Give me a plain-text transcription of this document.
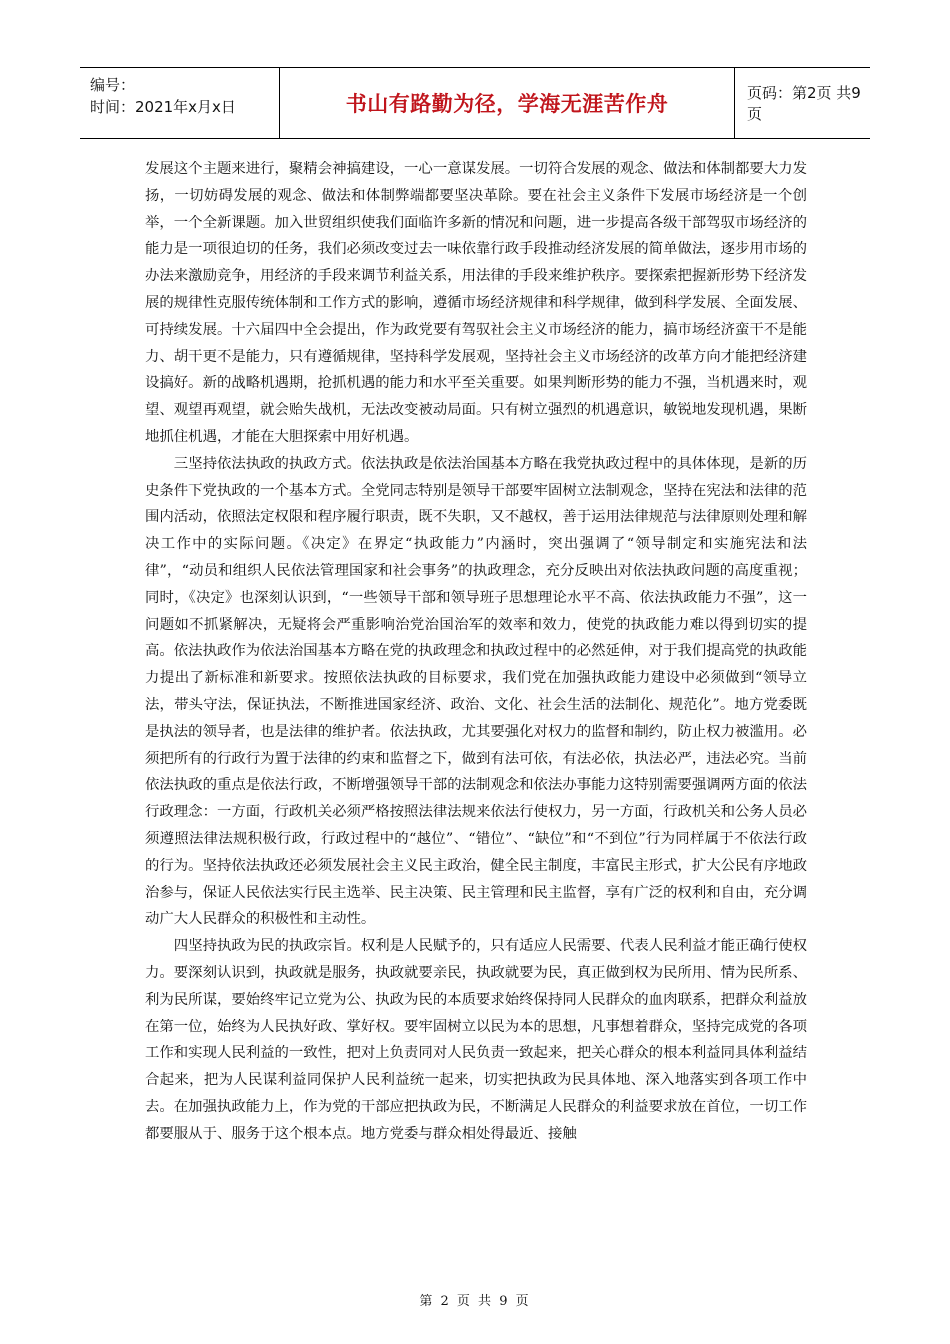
编号：
时间：2021年x月x日	书山有路勤为径，学海无涯苦作舟	页码：第2页 共9页

发展这个主题来进行，聚精会神搞建设，一心一意谋发展。一切符合发展的观念、做法和体制都要大力发扬，一切妨碍发展的观念、做法和体制弊端都要坚决革除。要在社会主义条件下发展市场经济是一个创举，一个全新课题。加入世贸组织使我们面临许多新的情况和问题，进一步提高各级干部驾驭市场经济的能力是一项很迫切的任务，我们必须改变过去一味依靠行政手段推动经济发展的简单做法，逐步用市场的办法来激励竞争，用经济的手段来调节利益关系，用法律的手段来维护秩序。要探索把握新形势下经济发展的规律性克服传统体制和工作方式的影响，遵循市场经济规律和科学规律，做到科学发展、全面发展、可持续发展。十六届四中全会提出，作为政党要有驾驭社会主义市场经济的能力，搞市场经济蛮干不是能力、胡干更不是能力，只有遵循规律，坚持科学发展观，坚持社会主义市场经济的改革方向才能把经济建设搞好。新的战略机遇期，抢抓机遇的能力和水平至关重要。如果判断形势的能力不强，当机遇来时，观望、观望再观望，就会贻失战机，无法改变被动局面。只有树立强烈的机遇意识，敏锐地发现机遇，果断地抓住机遇，才能在大胆探索中用好机遇。

三坚持依法执政的执政方式。依法执政是依法治国基本方略在我党执政过程中的具体体现，是新的历史条件下党执政的一个基本方式。全党同志特别是领导干部要牢固树立法制观念，坚持在宪法和法律的范围内活动，依照法定权限和程序履行职责，既不失职，又不越权，善于运用法律规范与法律原则处理和解决工作中的实际问题。《决定》在界定“执政能力”内涵时，突出强调了“领导制定和实施宪法和法律”，“动员和组织人民依法管理国家和社会事务”的执政理念，充分反映出对依法执政问题的高度重视；同时，《决定》也深刻认识到，“一些领导干部和领导班子思想理论水平不高、依法执政能力不强”，这一问题如不抓紧解决，无疑将会严重影响治党治国治军的效率和效力，使党的执政能力难以得到切实的提高。依法执政作为依法治国基本方略在党的执政理念和执政过程中的必然延伸，对于我们提高党的执政能力提出了新标准和新要求。按照依法执政的目标要求，我们党在加强执政能力建设中必须做到“领导立法，带头守法，保证执法，不断推进国家经济、政治、文化、社会生活的法制化、规范化”。地方党委既是执法的领导者，也是法律的维护者。依法执政，尤其要强化对权力的监督和制约，防止权力被滥用。必须把所有的行政行为置于法律的约束和监督之下，做到有法可依，有法必依，执法必严，违法必究。当前依法执政的重点是依法行政，不断增强领导干部的法制观念和依法办事能力这特别需要强调两方面的依法行政理念：一方面，行政机关必须严格按照法律法规来依法行使权力，另一方面，行政机关和公务人员必须遵照法律法规积极行政，行政过程中的“越位”、“错位”、“缺位”和“不到位”行为同样属于不依法行政的行为。坚持依法执政还必须发展社会主义民主政治，健全民主制度，丰富民主形式，扩大公民有序地政治参与，保证人民依法实行民主选举、民主决策、民主管理和民主监督，享有广泛的权利和自由，充分调动广大人民群众的积极性和主动性。

四坚持执政为民的执政宗旨。权利是人民赋予的，只有适应人民需要、代表人民利益才能正确行使权力。要深刻认识到，执政就是服务，执政就要亲民，执政就要为民，真正做到权为民所用、情为民所系、利为民所谋，要始终牢记立党为公、执政为民的本质要求始终保持同人民群众的血肉联系，把群众利益放在第一位，始终为人民执好政、掌好权。要牢固树立以民为本的思想，凡事想着群众，坚持完成党的各项工作和实现人民利益的一致性，把对上负责同对人民负责一致起来，把关心群众的根本利益同具体利益结合起来，把为人民谋利益同保护人民利益统一起来，切实把执政为民具体地、深入地落实到各项工作中去。在加强执政能力上，作为党的干部应把执政为民，不断满足人民群众的利益要求放在首位，一切工作都要服从于、服务于这个根本点。地方党委与群众相处得最近、接触

第 2 页 共 9 页
